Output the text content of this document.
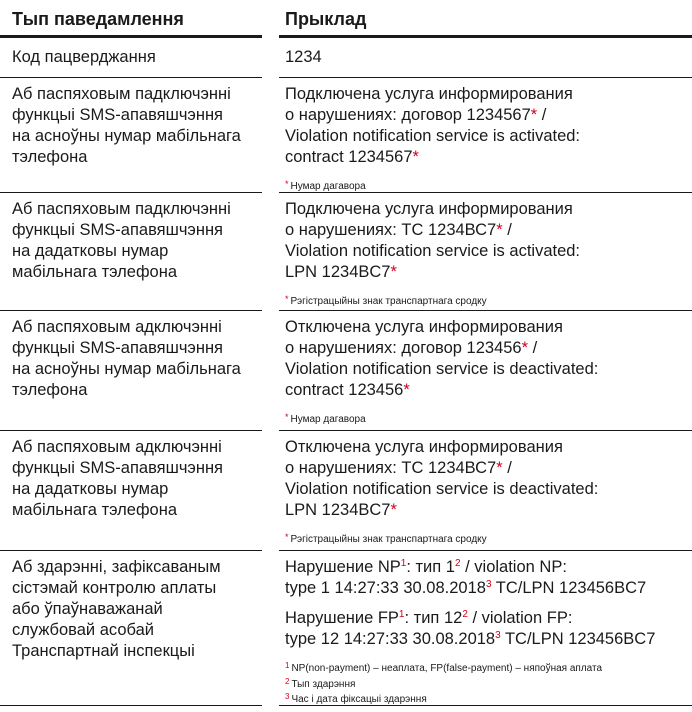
Тып паведамлення
Код пацверджання
Аб паспяховым падключэнні
функцыі SMS-апавяшчэння
на асноўны нумар мабільнага
тэлефона
Аб паспяховым падключэнні
функцыі SMS-апавяшчэння
на дадатковы нумар
мабільнага тэлефона
Аб паспяховым адключэнні
функцыі SMS-апавяшчэння
на асноўны нумар мабільнага
тэлефона
Аб паспяховым адключэнні
функцыі SMS-апавяшчэння
на дадатковы нумар
мабільнага тэлефона
Аб здарэнні, зафіксаваным
сістэмай контролю аплаты
або ўпаўнаважанай
службовай асобай
Транспартнай інспекцыі
Прыклад
1234
Подключена услуга информирования
о нарушениях: договор 1234567* /
Violation notification service is activated:
contract 1234567*
* Нумар дагавора
Подключена услуга информирования
о нарушениях: ТС 1234ВС7* /
Violation notification service is activated:
LPN 1234BC7*
* Рэгістрацыйны знак транспартнага сродку
Отключена услуга информирования
о нарушениях: договор 123456* /
Violation notification service is deactivated:
contract 123456*
* Нумар дагавора
Отключена услуга информирования
о нарушениях: ТС 1234ВС7* /
Violation notification service is deactivated:
LPN 1234BC7*
* Рэгістрацыйны знак транспартнага сродку
Нарушение $NP^1$: тип $1^2$ / violation NP:
type 1 14:27:33 30.08.2018$^3$ TC/LPN 123456BC7
Нарушение $FP^1$: тип $12^2$ / violation FP:
type 12 14:27:33 30.08.2018$^3$ TC/LPN 123456BC7
$^1$ NP(non-payment) – неаплата, FP(false-payment) – няпоўная аплата
$^2$ Тып здарэння
$^3$ Час і дата фіксацыі здарэння
